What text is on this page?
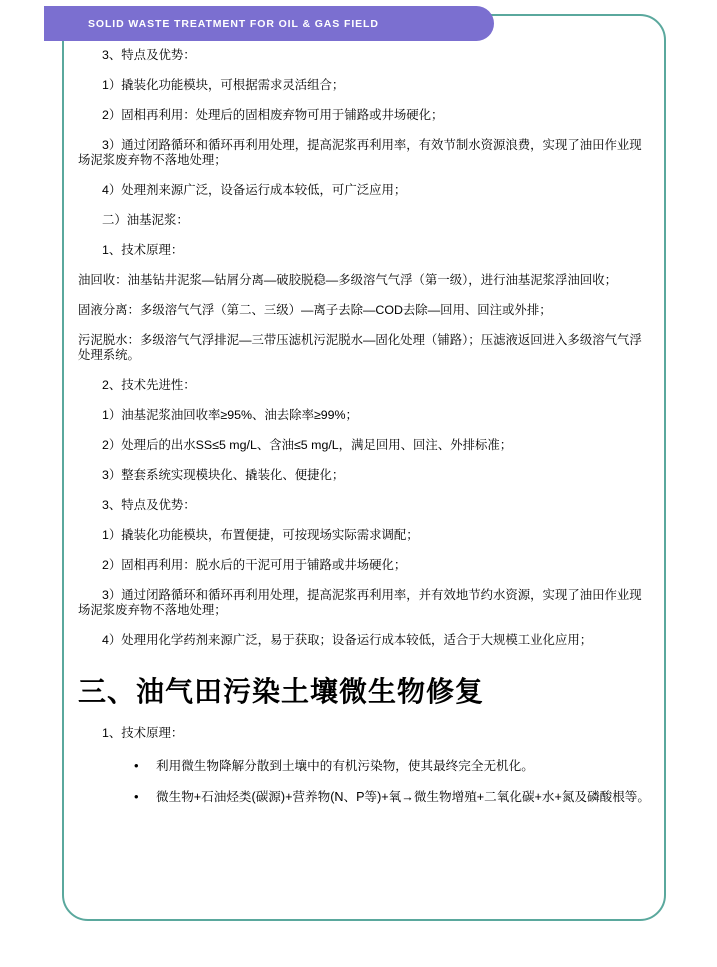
SOLID WASTE TREATMENT FOR OIL & GAS FIELD

3、特点及优势：

1）撬装化功能模块，可根据需求灵活组合；

2）固相再利用：处理后的固相废弃物可用于铺路或井场硬化；

3）通过闭路循环和循环再利用处理，提高泥浆再利用率，有效节制水资源浪费，实现了油田作业现场泥浆废弃物不落地处理；

4）处理剂来源广泛，设备运行成本较低，可广泛应用；

二）油基泥浆：

1、技术原理：

油回收：油基钻井泥浆—钻屑分离—破胶脱稳—多级溶气气浮（第一级），进行油基泥浆浮油回收；

固液分离：多级溶气气浮（第二、三级）—离子去除—COD去除—回用、回注或外排；

污泥脱水：多级溶气气浮排泥—三带压滤机污泥脱水—固化处理（铺路）；压滤液返回进入多级溶气气浮处理系统。

2、技术先进性：

1）油基泥浆油回收率≥95%、油去除率≥99%；

2）处理后的出水SS≤5 mg/L、含油≤5 mg/L，满足回用、回注、外排标准；

3）整套系统实现模块化、撬装化、便捷化；

3、特点及优势：

1）撬装化功能模块，布置便捷，可按现场实际需求调配；

2）固相再利用：脱水后的干泥可用于铺路或井场硬化；

3）通过闭路循环和循环再利用处理，提高泥浆再利用率，并有效地节约水资源，实现了油田作业现场泥浆废弃物不落地处理；

4）处理用化学药剂来源广泛，易于获取；设备运行成本较低，适合于大规模工业化应用；

三、油气田污染土壤微生物修复

1、技术原理：

• 利用微生物降解分散到土壤中的有机污染物，使其最终完全无机化。
• 微生物+石油烃类(碳源)+营养物(N、P等)+氧→微生物增殖+二氧化碳+水+氮及磷酸根等。
